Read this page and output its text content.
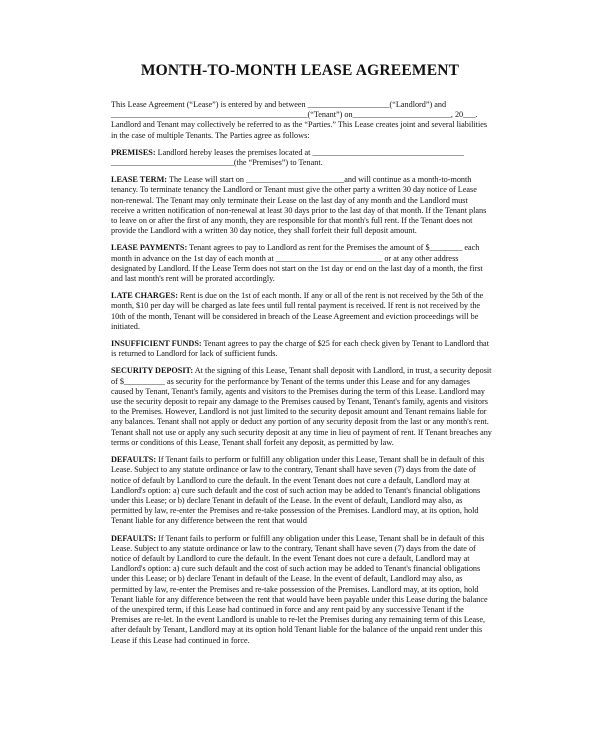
MONTH-TO-MONTH LEASE AGREEMENT

This Lease Agreement (“Lease”) is entered by and between ____________________(“Landlord”) and ________________________________________________(“Tenant”) on________________________, 20___. Landlord and Tenant may collectively be referred to as the “Parties.” This Lease creates joint and several liabilities in the case of multiple Tenants. The Parties agree as follows:

PREMISES: Landlord hereby leases the premises located at _____________________________________ ______________________________(the “Premises”) to Tenant.

LEASE TERM: The Lease will start on ________________________and will continue as a month-to-month tenancy. To terminate tenancy the Landlord or Tenant must give the other party a written 30 day notice of Lease non-renewal. The Tenant may only terminate their Lease on the last day of any month and the Landlord must receive a written notification of non-renewal at least 30 days prior to the last day of that month. If the Tenant plans to leave on or after the first of any month, they are responsible for that month's full rent. If the Tenant does not provide the Landlord with a written 30 day notice, they shall forfeit their full deposit amount.

LEASE PAYMENTS: Tenant agrees to pay to Landlord as rent for the Premises the amount of $________ each month in advance on the 1st day of each month at __________________________ or at any other address designated by Landlord. If the Lease Term does not start on the 1st day or end on the last day of a month, the first and last month's rent will be prorated accordingly.

LATE CHARGES: Rent is due on the 1st of each month. If any or all of the rent is not received by the 5th of the month, $10 per day will be charged as late fees until full rental payment is received. If rent is not received by the 10th of the month, Tenant will be considered in breach of the Lease Agreement and eviction proceedings will be initiated.

INSUFFICIENT FUNDS: Tenant agrees to pay the charge of $25 for each check given by Tenant to Landlord that is returned to Landlord for lack of sufficient funds.

SECURITY DEPOSIT: At the signing of this Lease, Tenant shall deposit with Landlord, in trust, a security deposit of $__________ as security for the performance by Tenant of the terms under this Lease and for any damages caused by Tenant, Tenant's family, agents and visitors to the Premises during the term of this Lease. Landlord may use the security deposit to repair any damage to the Premises caused by Tenant, Tenant's family, agents and visitors to the Premises. However, Landlord is not just limited to the security deposit amount and Tenant remains liable for any balances. Tenant shall not apply or deduct any portion of any security deposit from the last or any month's rent. Tenant shall not use or apply any such security deposit at any time in lieu of payment of rent. If Tenant breaches any terms or conditions of this Lease, Tenant shall forfeit any deposit, as permitted by law.

DEFAULTS: If Tenant fails to perform or fulfill any obligation under this Lease, Tenant shall be in default of this Lease. Subject to any statute ordinance or law to the contrary, Tenant shall have seven (7) days from the date of notice of default by Landlord to cure the default. In the event Tenant does not cure a default, Landlord may at Landlord's option: a) cure such default and the cost of such action may be added to Tenant's financial obligations under this Lease; or b) declare Tenant in default of the Lease. In the event of default, Landlord may also, as permitted by law, re-enter the Premises and re-take possession of the Premises. Landlord may, at its option, hold Tenant liable for any difference between the rent that would

DEFAULTS: If Tenant fails to perform or fulfill any obligation under this Lease, Tenant shall be in default of this Lease. Subject to any statute ordinance or law to the contrary, Tenant shall have seven (7) days from the date of notice of default by Landlord to cure the default. In the event Tenant does not cure a default, Landlord may at Landlord's option: a) cure such default and the cost of such action may be added to Tenant's financial obligations under this Lease; or b) declare Tenant in default of the Lease. In the event of default, Landlord may also, as permitted by law, re-enter the Premises and re-take possession of the Premises. Landlord may, at its option, hold Tenant liable for any difference between the rent that would have been payable under this Lease during the balance of the unexpired term, if this Lease had continued in force and any rent paid by any successive Tenant if the Premises are re-let. In the event Landlord is unable to re-let the Premises during any remaining term of this Lease, after default by Tenant, Landlord may at its option hold Tenant liable for the balance of the unpaid rent under this Lease if this Lease had continued in force.
